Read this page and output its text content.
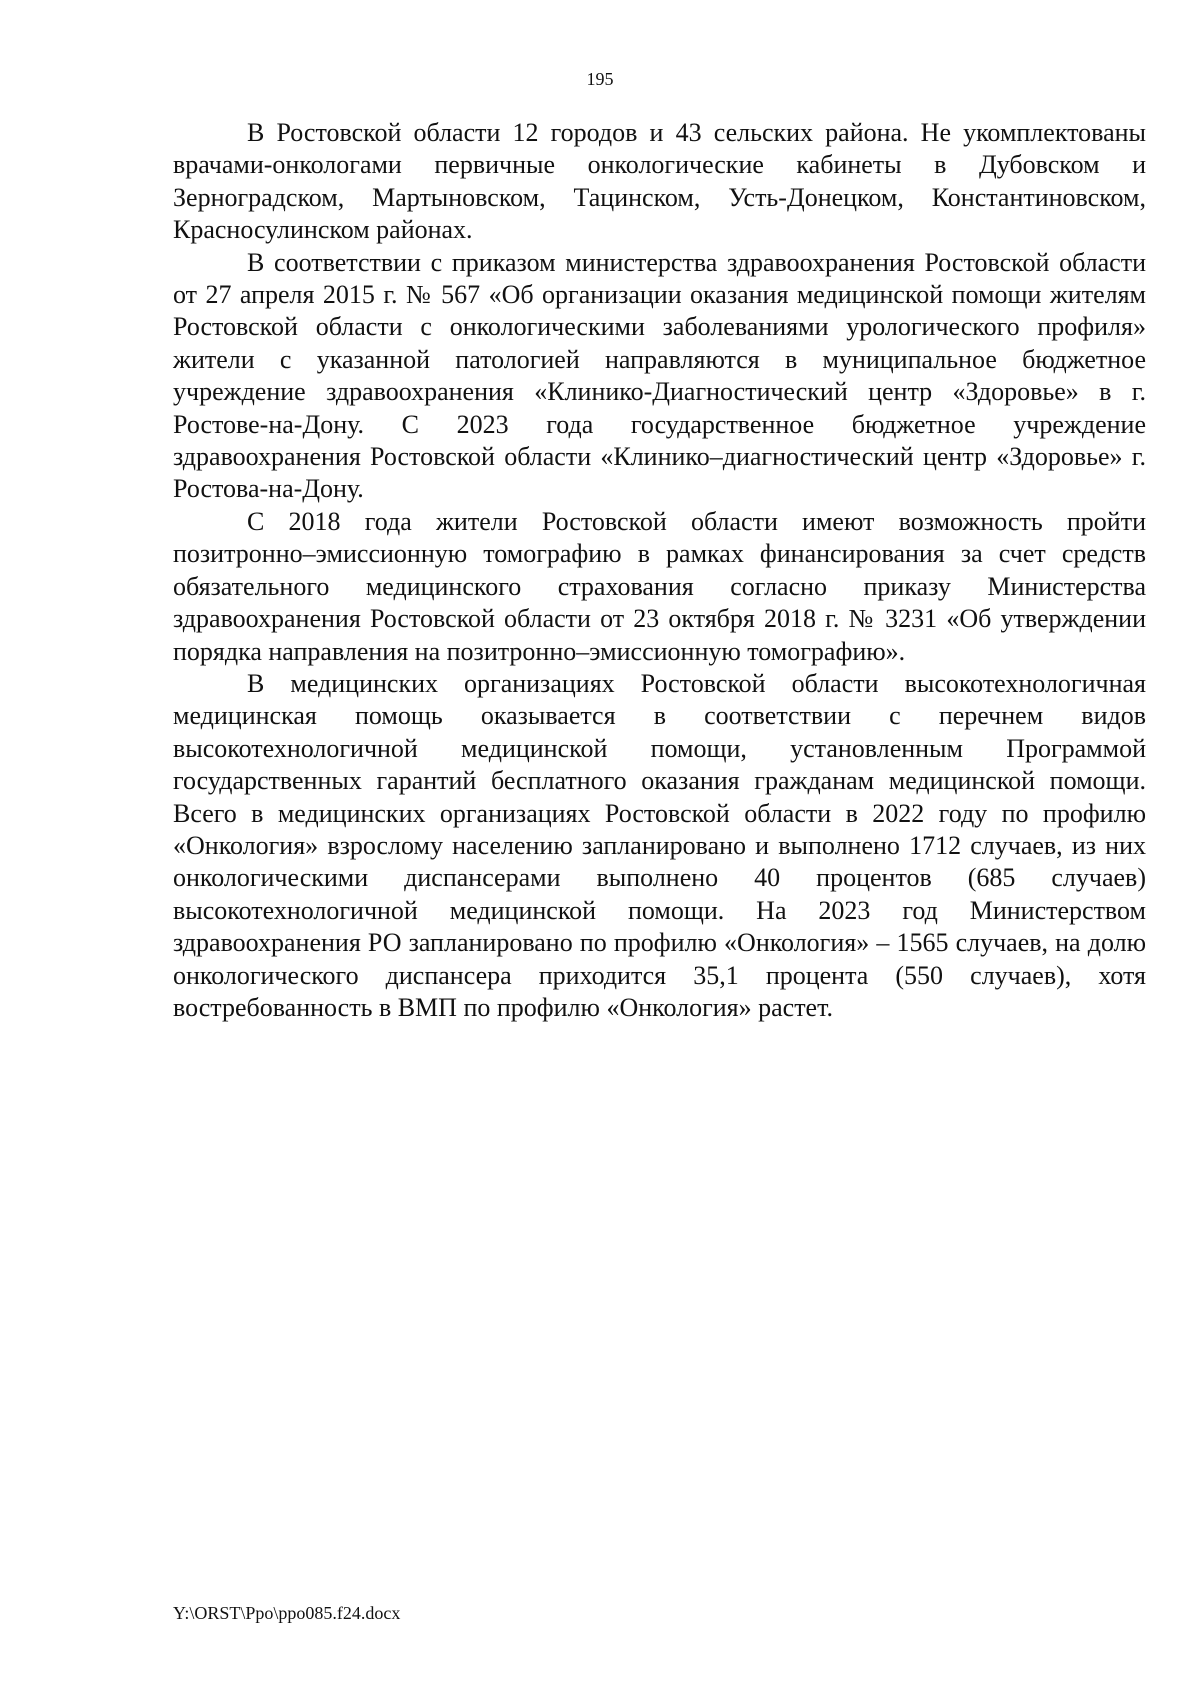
195

В Ростовской области 12 городов и 43 сельских района. Не укомплектованы врачами-онкологами первичные онкологические кабинеты в Дубовском и Зерноградском, Мартыновском, Тацинском, Усть-Донецком, Константиновском, Красносулинском районах.

В соответствии с приказом министерства здравоохранения Ростовской области от 27 апреля 2015 г. № 567 «Об организации оказания медицинской помощи жителям Ростовской области с онкологическими заболеваниями урологического профиля» жители с указанной патологией направляются в муниципальное бюджетное учреждение здравоохранения «Клинико-Диагностический центр «Здоровье» в г. Ростове-на-Дону. С 2023 года государственное бюджетное учреждение здравоохранения Ростовской области «Клинико–диагностический центр «Здоровье» г. Ростова-на-Дону.

С 2018 года жители Ростовской области имеют возможность пройти позитронно–эмиссионную томографию в рамках финансирования за счет средств обязательного медицинского страхования согласно приказу Министерства здравоохранения Ростовской области от 23 октября 2018 г. № 3231 «Об утверждении порядка направления на позитронно–эмиссионную томографию».

В медицинских организациях Ростовской области высокотехнологичная медицинская помощь оказывается в соответствии с перечнем видов высокотехнологичной медицинской помощи, установленным Программой государственных гарантий бесплатного оказания гражданам медицинской помощи. Всего в медицинских организациях Ростовской области в 2022 году по профилю «Онкология» взрослому населению запланировано и выполнено 1712 случаев, из них онкологическими диспансерами выполнено 40 процентов (685 случаев) высокотехнологичной медицинской помощи. На 2023 год Министерством здравоохранения РО запланировано по профилю «Онкология» – 1565 случаев, на долю онкологического диспансера приходится 35,1 процента (550 случаев), хотя востребованность в ВМП по профилю «Онкология» растет.

Y:\ORST\Ppo\ppo085.f24.docx
